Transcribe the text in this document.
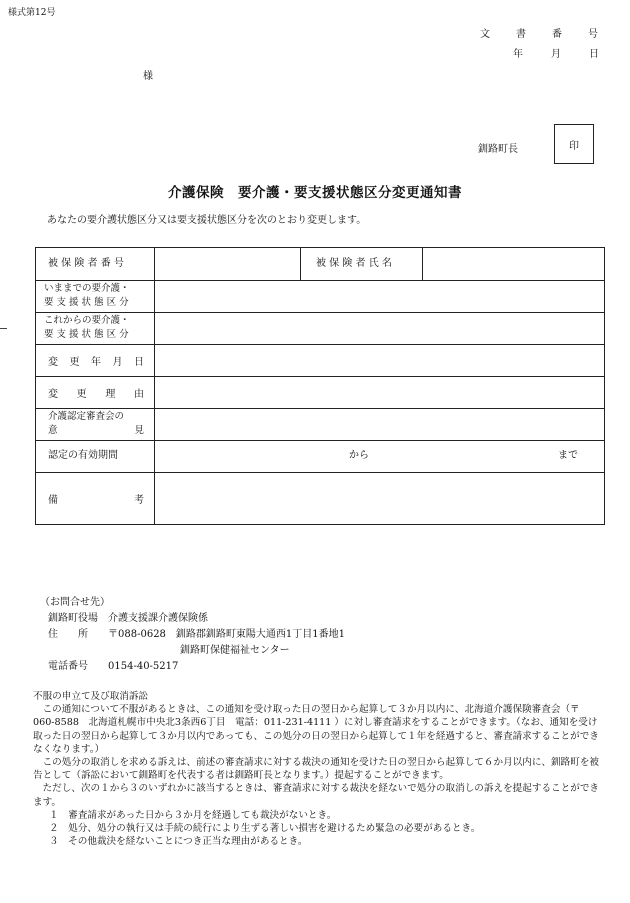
様式第12号
文	書	番	号
年	月	日
様
釧路町長	印
介護保険　要介護・要支援状態区分変更通知書
あなたの要介護状態区分又は要支援状態区分を次のとおり変更します。
被 保 険 者 番 号	被 保 険 者 氏 名
いままでの要介護・
要 支 援 状 態 区 分
これからの要介護・
要 支 援 状 態 区 分
変 更 年 月 日
変 更 理 由
介護認定審査会の
意	見
認定の有効期間	から	まで
備	考
（お問合せ先）
釧路町役場　介護支援課介護保険係
住　　所 〒088-0628　釧路郡釧路町東陽大通西1丁目1番地1
釧路町保健福祉センター
電話番号 0154-40-5217

不服の申立て及び取消訴訟

この通知について不服があるときは、この通知を受け取った日の翌日から起算して３か月以内に、北海道介護保険審査会（〒060-8588　北海道札幌市中央北3条西6丁目　電話：011-231-4111 ）に対し審査請求をすることができます。（なお、通知を受け取った日の翌日から起算して３か月以内であっても、この処分の日の翌日から起算して１年を経過すると、審査請求することができなくなります。）

この処分の取消しを求める訴えは、前述の審査請求に対する裁決の通知を受けた日の翌日から起算して６か月以内に、釧路町を被告として（訴訟において釧路町を代表する者は釧路町長となります。）提起することができます。

ただし、次の１から３のいずれかに該当するときは、審査請求に対する裁決を経ないで処分の取消しの訴えを提起することができます。

１　審査請求があった日から３か月を経過しても裁決がないとき。

２　処分、処分の執行又は手続の続行により生ずる著しい損害を避けるため緊急の必要があるとき。

３　その他裁決を経ないことにつき正当な理由があるとき。
